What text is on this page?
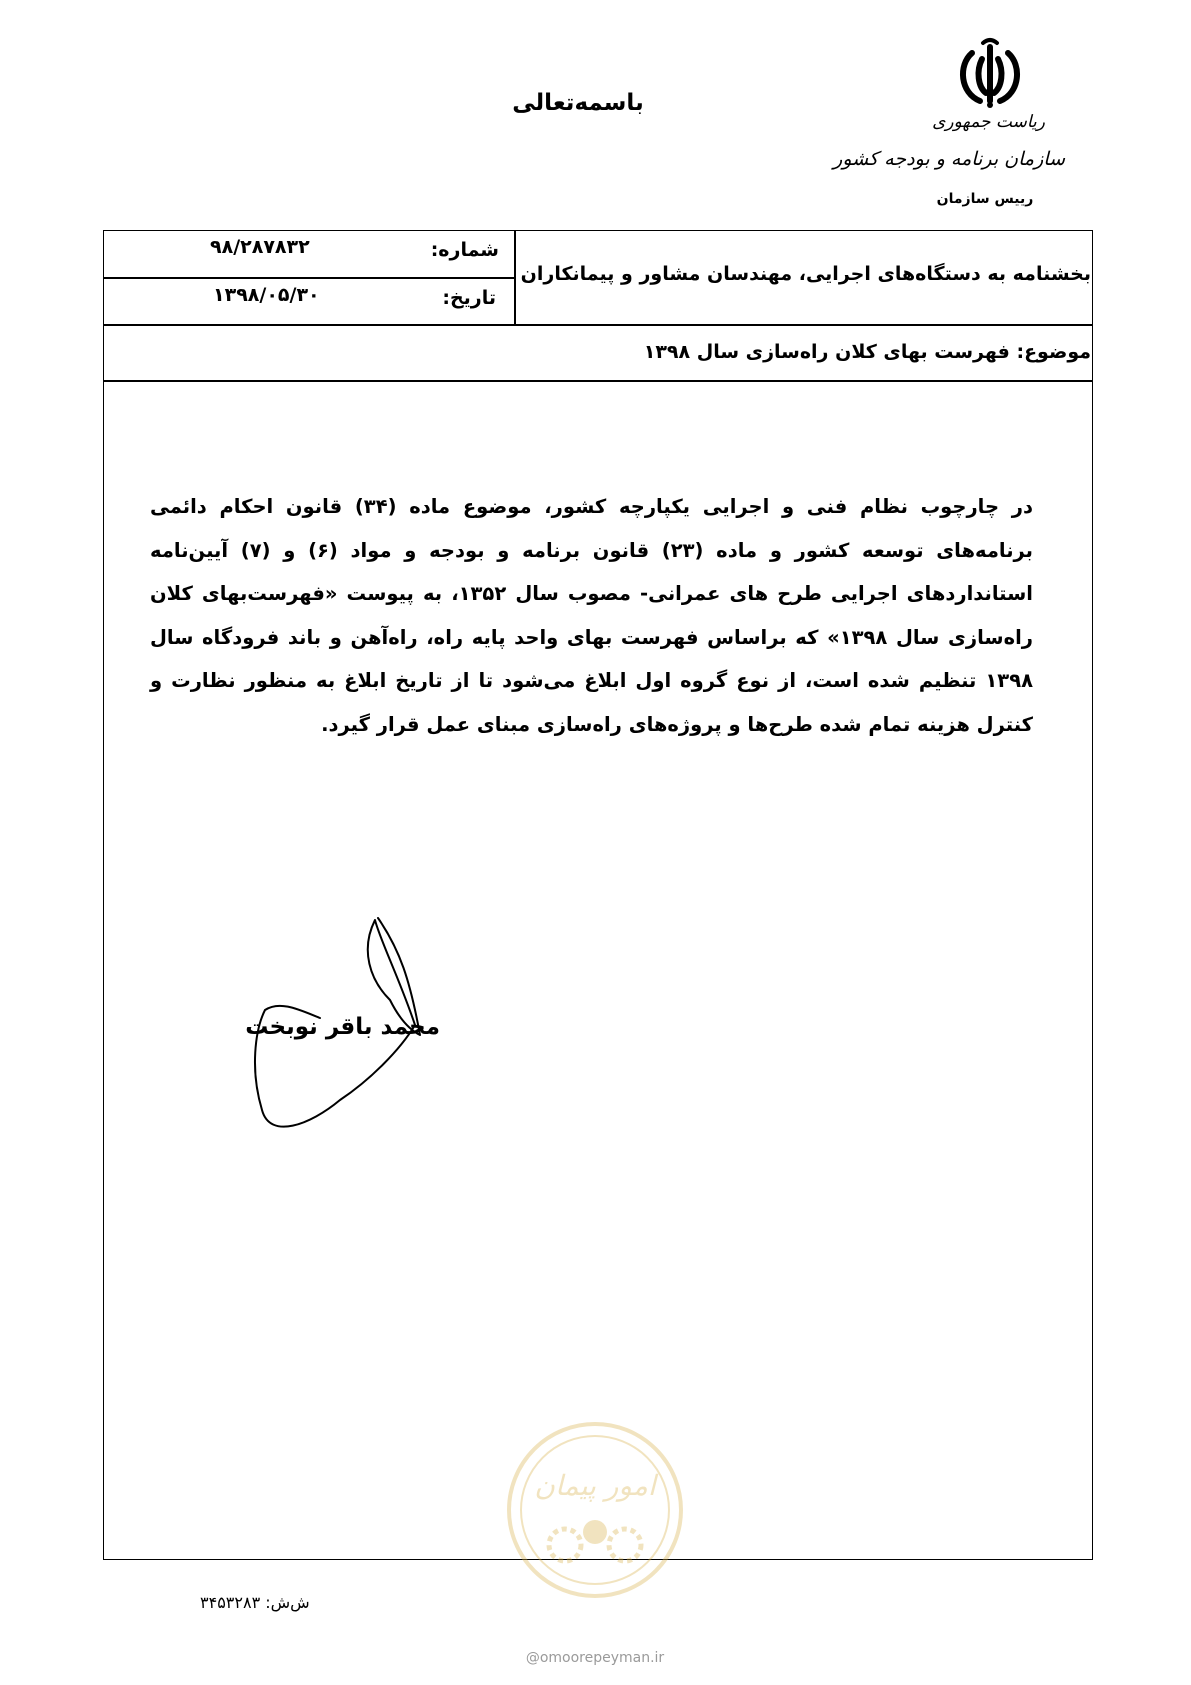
باسمه‌تعالی
ریاست جمهوری
سازمان برنامه و بودجه کشور
رییس سازمان
شماره:
۹۸/۲۸۷۸۳۲
تاریخ:
۱۳۹۸/۰۵/۳۰
بخشنامه به دستگاه‌های اجرایی، مهندسان مشاور و پیمانکاران
موضوع: فهرست بهای کلان راه‌سازی سال ۱۳۹۸
در چارچوب نظام فنی و اجرایی یکپارچه کشور، موضوع ماده (۳۴) قانون احکام دائمی برنامه‌های توسعه کشور و ماده (۲۳) قانون برنامه و بودجه و مواد (۶) و (۷) آیین‌نامه استانداردهای اجرایی طرح های عمرانی- مصوب سال ۱۳۵۲، به پیوست «فهرست‌بهای کلان راه‌سازی سال ۱۳۹۸» که براساس فهرست بهای واحد پایه راه، راه‌آهن و باند فرودگاه سال ۱۳۹۸ تنظیم شده است، از نوع گروه اول ابلاغ می‌شود تا از تاریخ ابلاغ به منظور نظارت و کنترل هزینه تمام شده طرح‌ها و پروژه‌های راه‌سازی مبنای عمل قرار گیرد.
محمد باقر نوبخت
امور پیمان
ش‌ش: ۳۴۵۳۲۸۳
@omoorepeyman.ir
